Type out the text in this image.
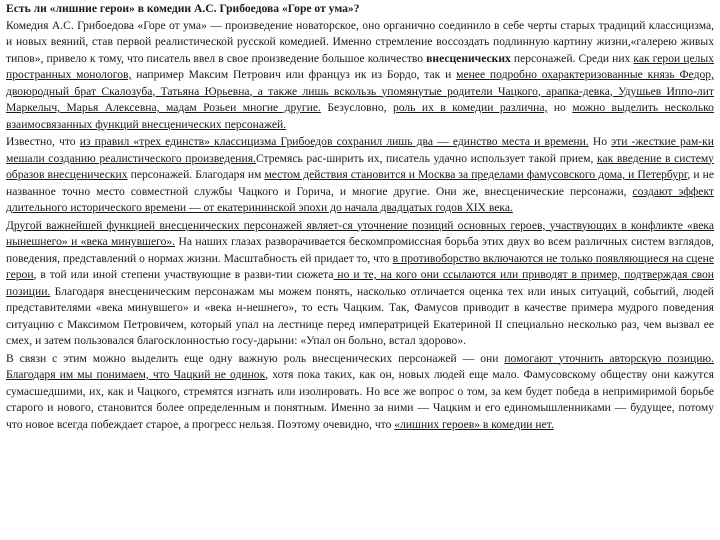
Есть ли «лишние герои» в комедии А.С. Грибоедова «Горе от ума»?

Комедия А.С. Грибоедова «Горе от ума» — произведение новаторское, оно органично соединило в себе черты старых традиций классицизма, и новых веяний, став первой реалистической русской комедией. Именно стремление воссоздать подлинную картину жизни,«галерею живых типов», привело к тому, что писатель ввел в свое произведение большое количество внесценических персонажей. Среди них как герои целых пространных монологов, например Максим Петрович или француз ик из Бордо, так и менее подробно охарактеризованные князь Федор, двоюродный брат Скалозуба, Татьяна Юрьевна, а также лишь вскользь упомянутые родители Чацкого, арапка-девка, Удушьев Иппо-лит Маркелыч, Марья Алексевна, мадам Розьеи многие другие. Безусловно, роль их в комедии различна, но можно выделить несколько взаимосвязанных функций внесценических персонажей.

Известно, что из правил «трех единств» классицизма Грибоедов сохранил лишь два — единство места и времени. Но эти -жесткие рам-ки мешали созданию реалистического произведения.Стремясь рас-ширить их, писатель удачно использует такой прием, как введение в систему образов внесценических персонажей. Благодаря им местом действия становится и Москва за пределами фамусовского дома, и Петербург, и не названное точно место совместной службы Чацкого и Горича, и многие другие. Они же, внесценические персонажи, создают эффект длительного исторического времени — от екатерининской эпохи до начала двадцатых годов XIX века.

Другой важнейшей функцией внесценических персонажей являет-ся уточнение позиций основных героев, участвующих в конфликте «века нынешнего» и «века минувшего». На наших глазах разворачивается бескомпромиссная борьба этих двух во всем различных систем взглядов, поведения, представлений о нормах жизни. Масштабность ей придает то, что в противоборство включаются не только появляющиеся на сцене герои, в той или иной степени участвующие в разви-тии сюжета но и те, на кого они ссылаются или приводят в пример, подтверждая свои позиции. Благодаря внесценическим персонажам мы можем понять, насколько отличается оценка тех или иных ситуаций, событий, людей представителями «века минувшего» и «века н-нешнего», то есть Чацким. Так, Фамусов приводит в качестве примера мудрого поведения ситуацию с Максимом Петровичем, который упал на лестнице перед императрицей Екатериной II специально несколько раз, чем вызвал ее смех, и затем пользовался благосклонностью госу-дарыни: «Упал он больно, встал здорово».

В связи с этим можно выделить еще одну важную роль внесценических персонажей — они помогают уточнить авторскую позицию. Благодаря им мы понимаем, что Чацкий не одинок, хотя пока таких, как он, новых людей еще мало. Фамусовскому обществу они кажутся сумасшедшими, их, как и Чацкого, стремятся изгнать или изолировать. Но все же вопрос о том, за кем будет победа в непримиримой борьбе старого и нового, становится более определенным и понятным. Именно за ними — Чацким и его единомышленниками — будущее, потому что новое всегда побеждает старое, а прогресс нельзя. Поэтому очевидно, что «лишних героев» в комедии нет.
